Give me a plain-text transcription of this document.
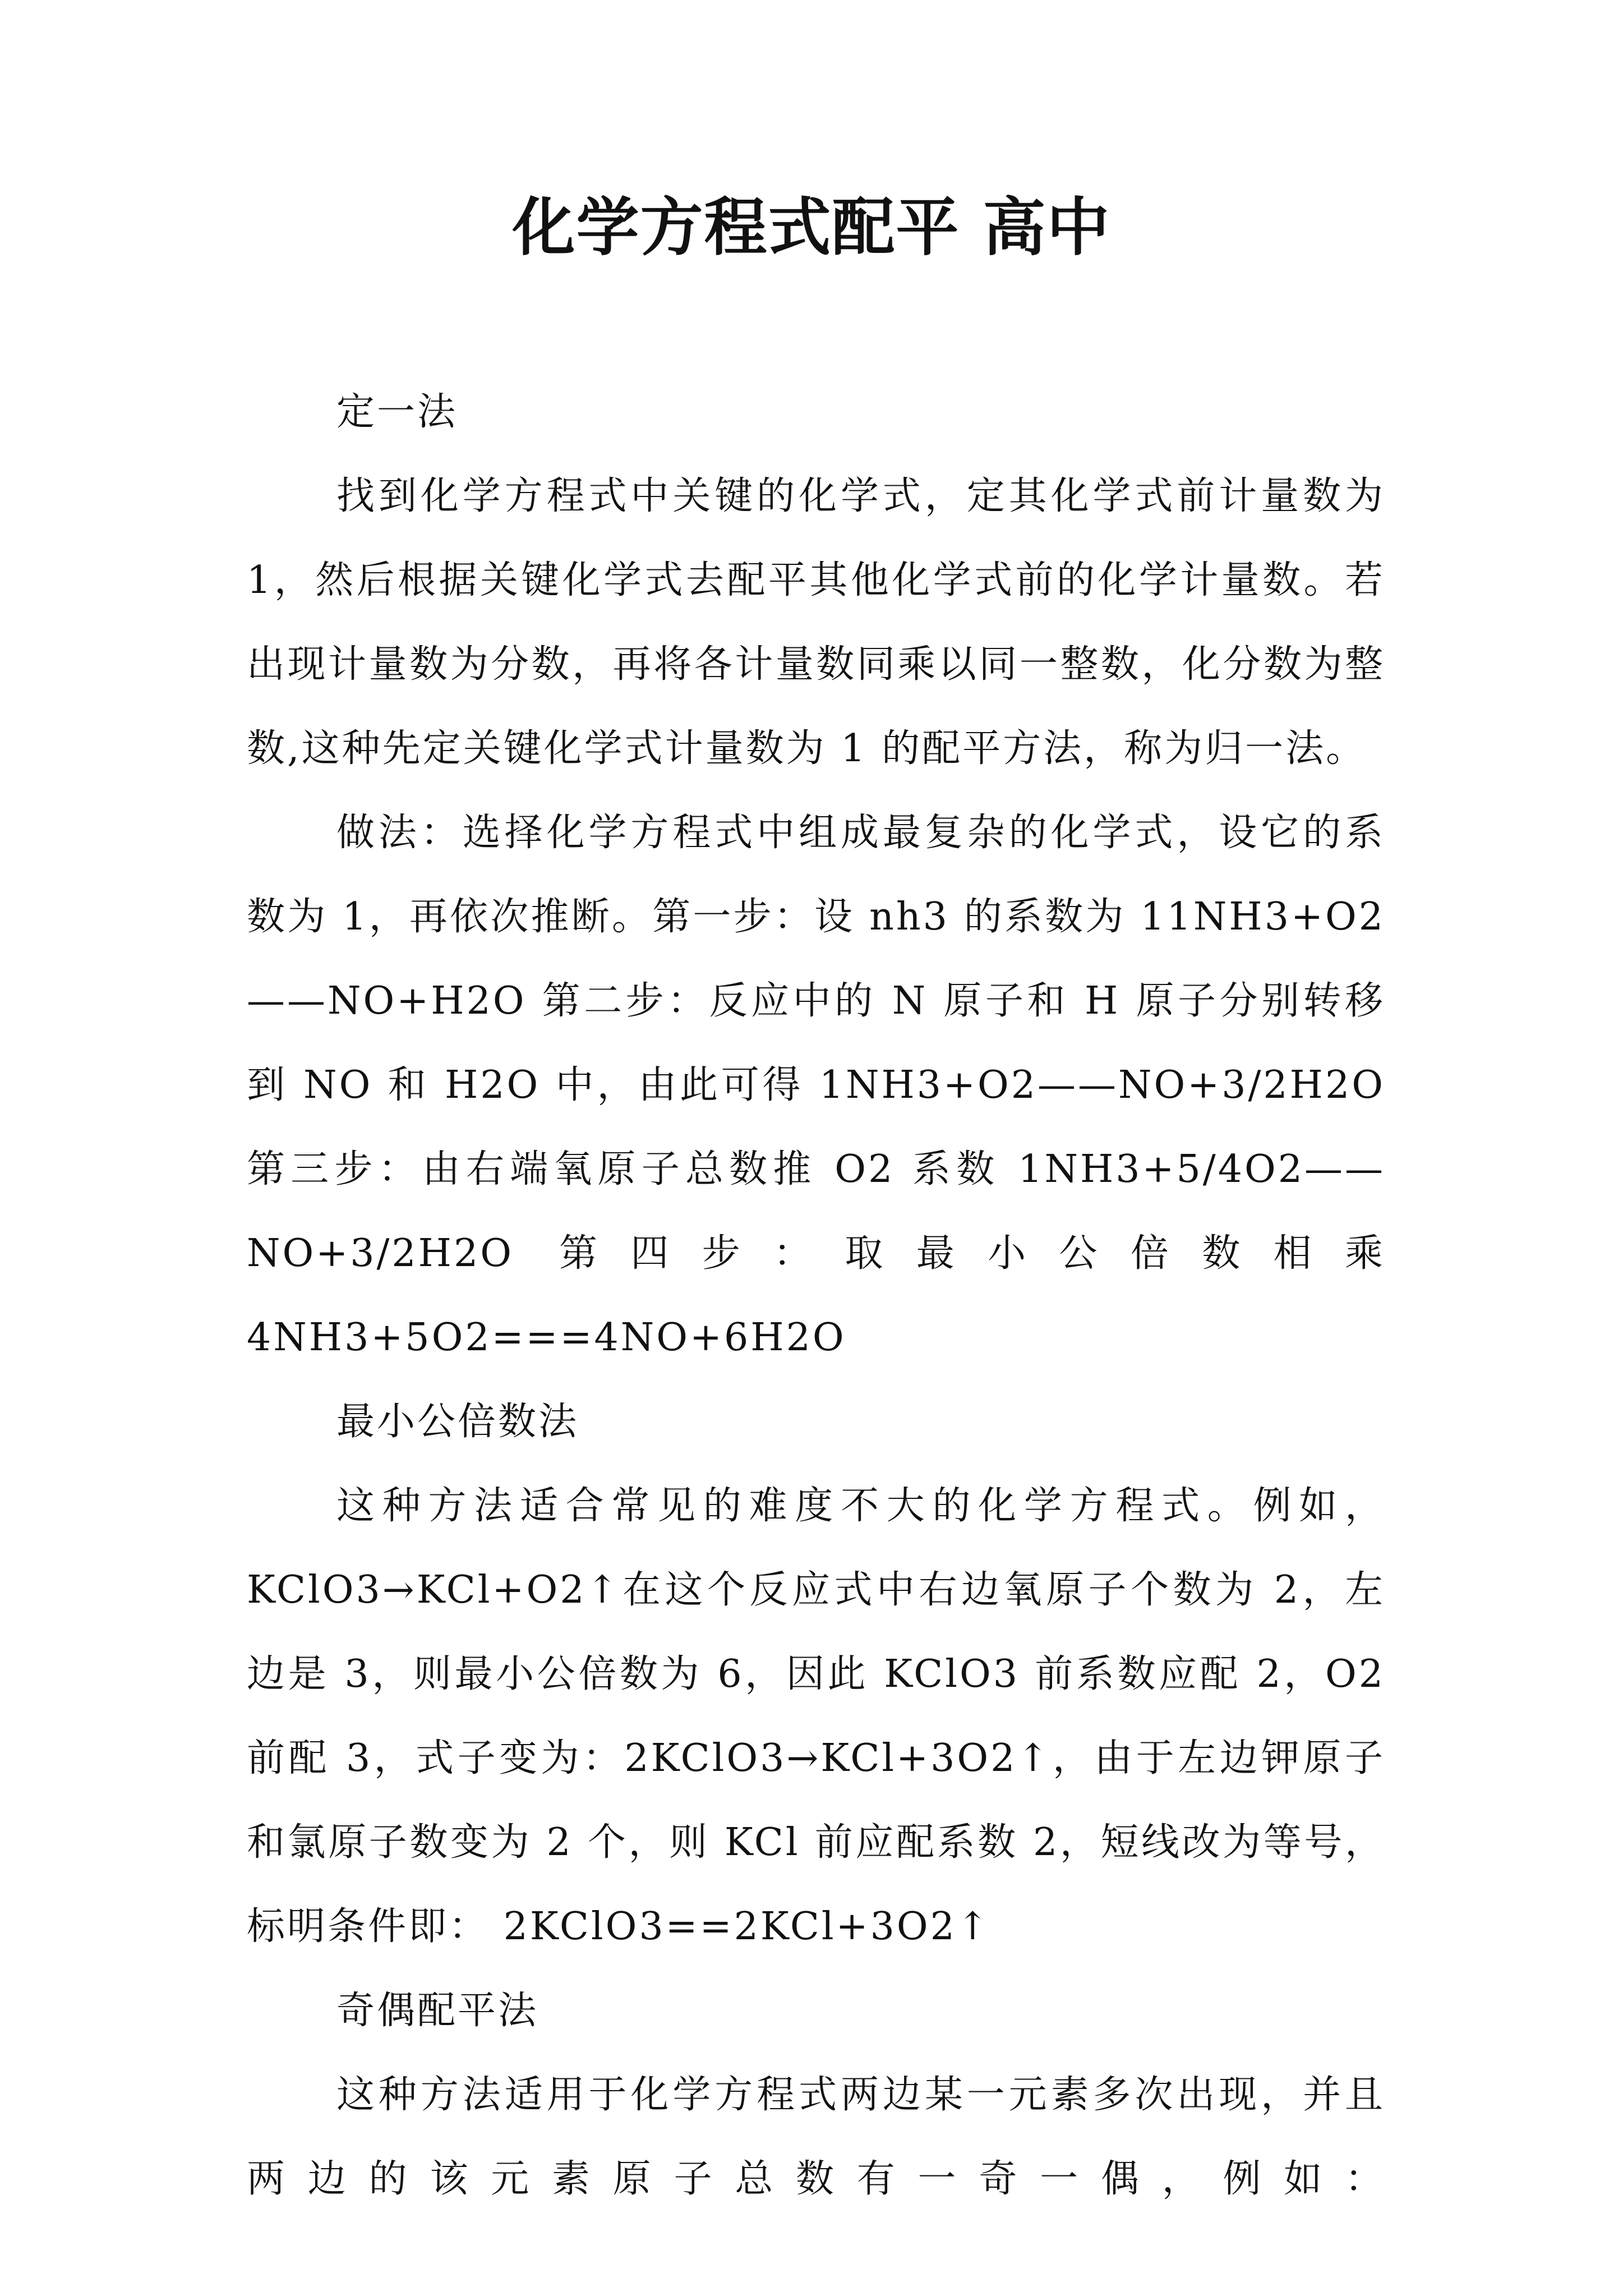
化学方程式配平 高中

定一法

找到化学方程式中关键的化学式，定其化学式前计量数为 1，然后根据关键化学式去配平其他化学式前的化学计量数。若出现计量数为分数，再将各计量数同乘以同一整数，化分数为整数,这种先定关键化学式计量数为 1 的配平方法，称为归一法。

做法：选择化学方程式中组成最复杂的化学式，设它的系数为 1，再依次推断。第一步：设 nh3 的系数为 11NH3+O2——NO+H2O 第二步：反应中的 N 原子和 H 原子分别转移到 NO 和 H2O 中，由此可得 1NH3+O2——NO+3/2H2O 第三步：由右端氧原子总数推 O2 系数 1NH3+5/4O2——NO+3/2H2O 第四步：取最小公倍数相乘 4NH3+5O2===4NO+6H2O

最小公倍数法

这种方法适合常见的难度不大的化学方程式。例如，KClO3→KCl+O2↑在这个反应式中右边氧原子个数为 2，左边是 3，则最小公倍数为 6，因此 KClO3 前系数应配 2，O2 前配 3，式子变为：2KClO3→KCl+3O2↑，由于左边钾原子和氯原子数变为 2 个，则 KCl 前应配系数 2，短线改为等号，标明条件即： 2KClO3==2KCl+3O2↑

奇偶配平法

这种方法适用于化学方程式两边某一元素多次出现，并且两边的该元素原子总数有一奇一偶，例如：
